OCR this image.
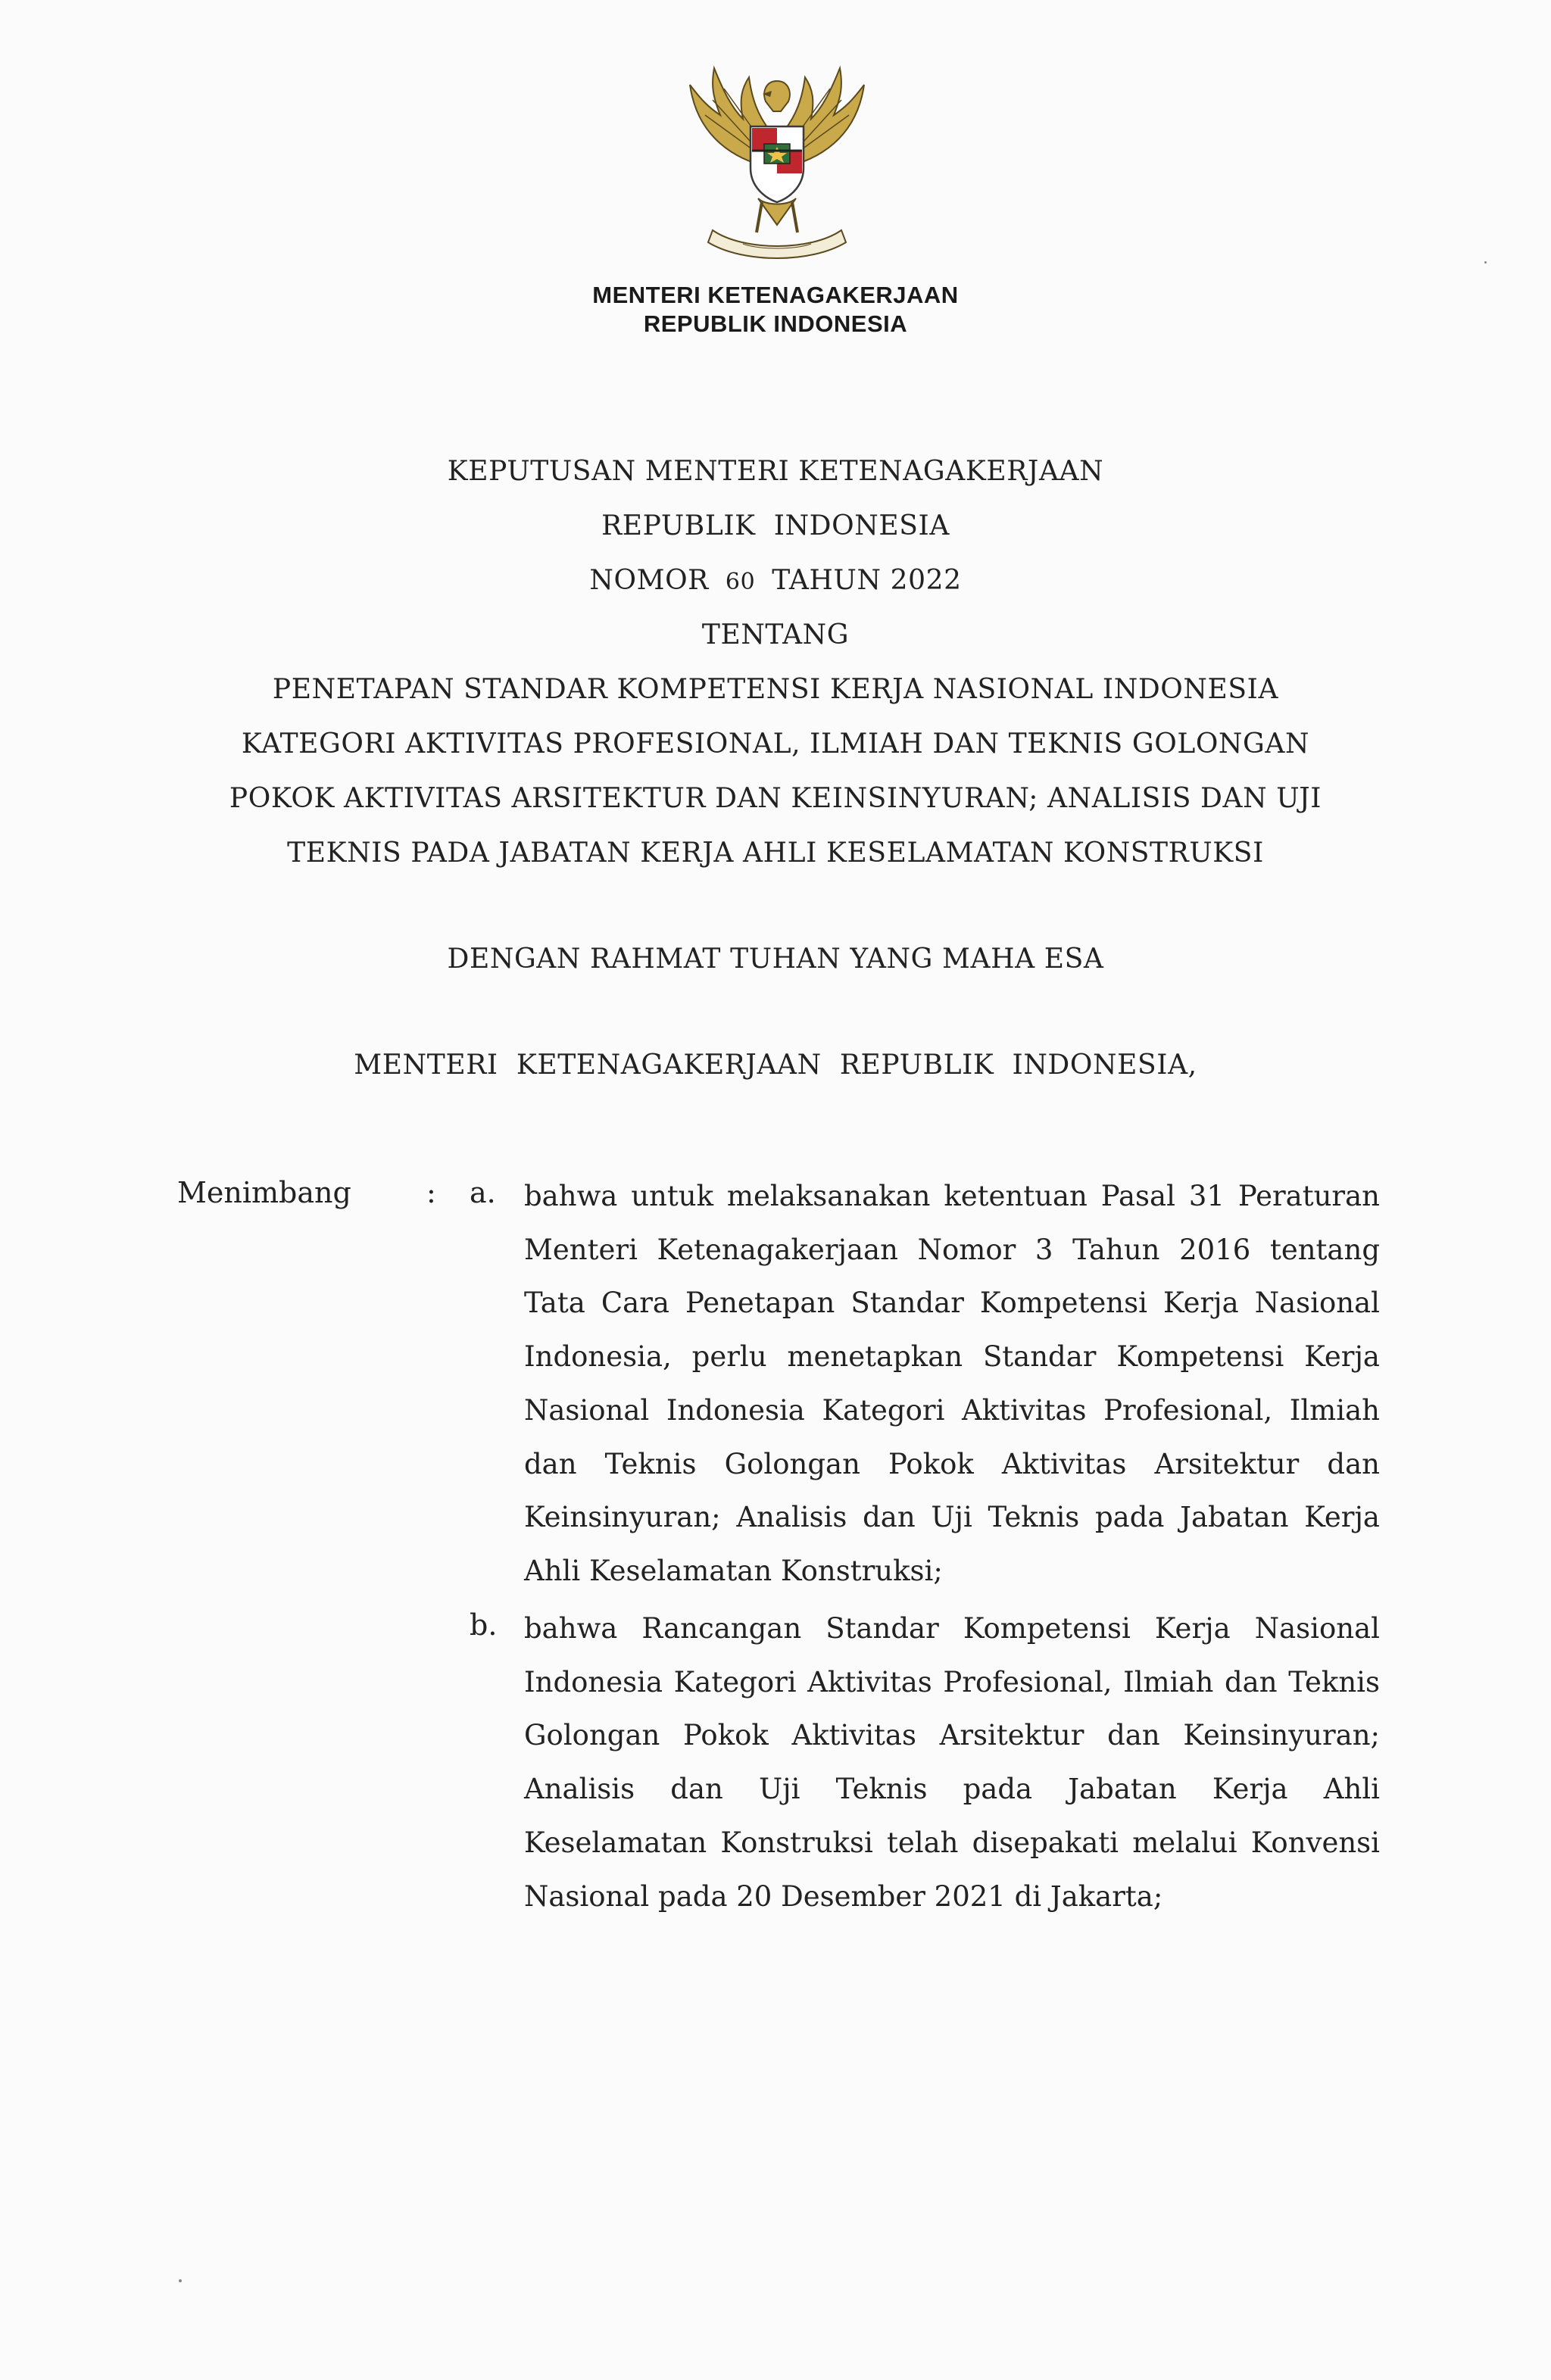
MENTERI KETENAGAKERJAAN
REPUBLIK INDONESIA
KEPUTUSAN MENTERI KETENAGAKERJAAN
REPUBLIK  INDONESIA
NOMOR 60 TAHUN 2022
TENTANG
PENETAPAN STANDAR KOMPETENSI KERJA NASIONAL INDONESIA
KATEGORI AKTIVITAS PROFESIONAL, ILMIAH DAN TEKNIS GOLONGAN
POKOK AKTIVITAS ARSITEKTUR DAN KEINSINYURAN; ANALISIS DAN UJI
TEKNIS PADA JABATAN KERJA AHLI KESELAMATAN KONSTRUKSI
DENGAN RAHMAT TUHAN YANG MAHA ESA
MENTERI  KETENAGAKERJAAN  REPUBLIK  INDONESIA,
Menimbang	: a. bahwa untuk melaksanakan ketentuan Pasal 31 Peraturan Menteri Ketenagakerjaan Nomor 3 Tahun 2016 tentang Tata Cara Penetapan Standar Kompetensi Kerja Nasional Indonesia, perlu menetapkan Standar Kompetensi Kerja Nasional Indonesia Kategori Aktivitas Profesional, Ilmiah dan Teknis Golongan Pokok Aktivitas Arsitektur dan Keinsinyuran; Analisis dan Uji Teknis pada Jabatan Kerja Ahli Keselamatan Konstruksi;
b. bahwa Rancangan Standar Kompetensi Kerja Nasional Indonesia Kategori Aktivitas Profesional, Ilmiah dan Teknis Golongan Pokok Aktivitas Arsitektur dan Keinsinyuran; Analisis dan Uji Teknis pada Jabatan Kerja Ahli Keselamatan Konstruksi telah disepakati melalui Konvensi Nasional pada 20 Desember 2021 di Jakarta;
